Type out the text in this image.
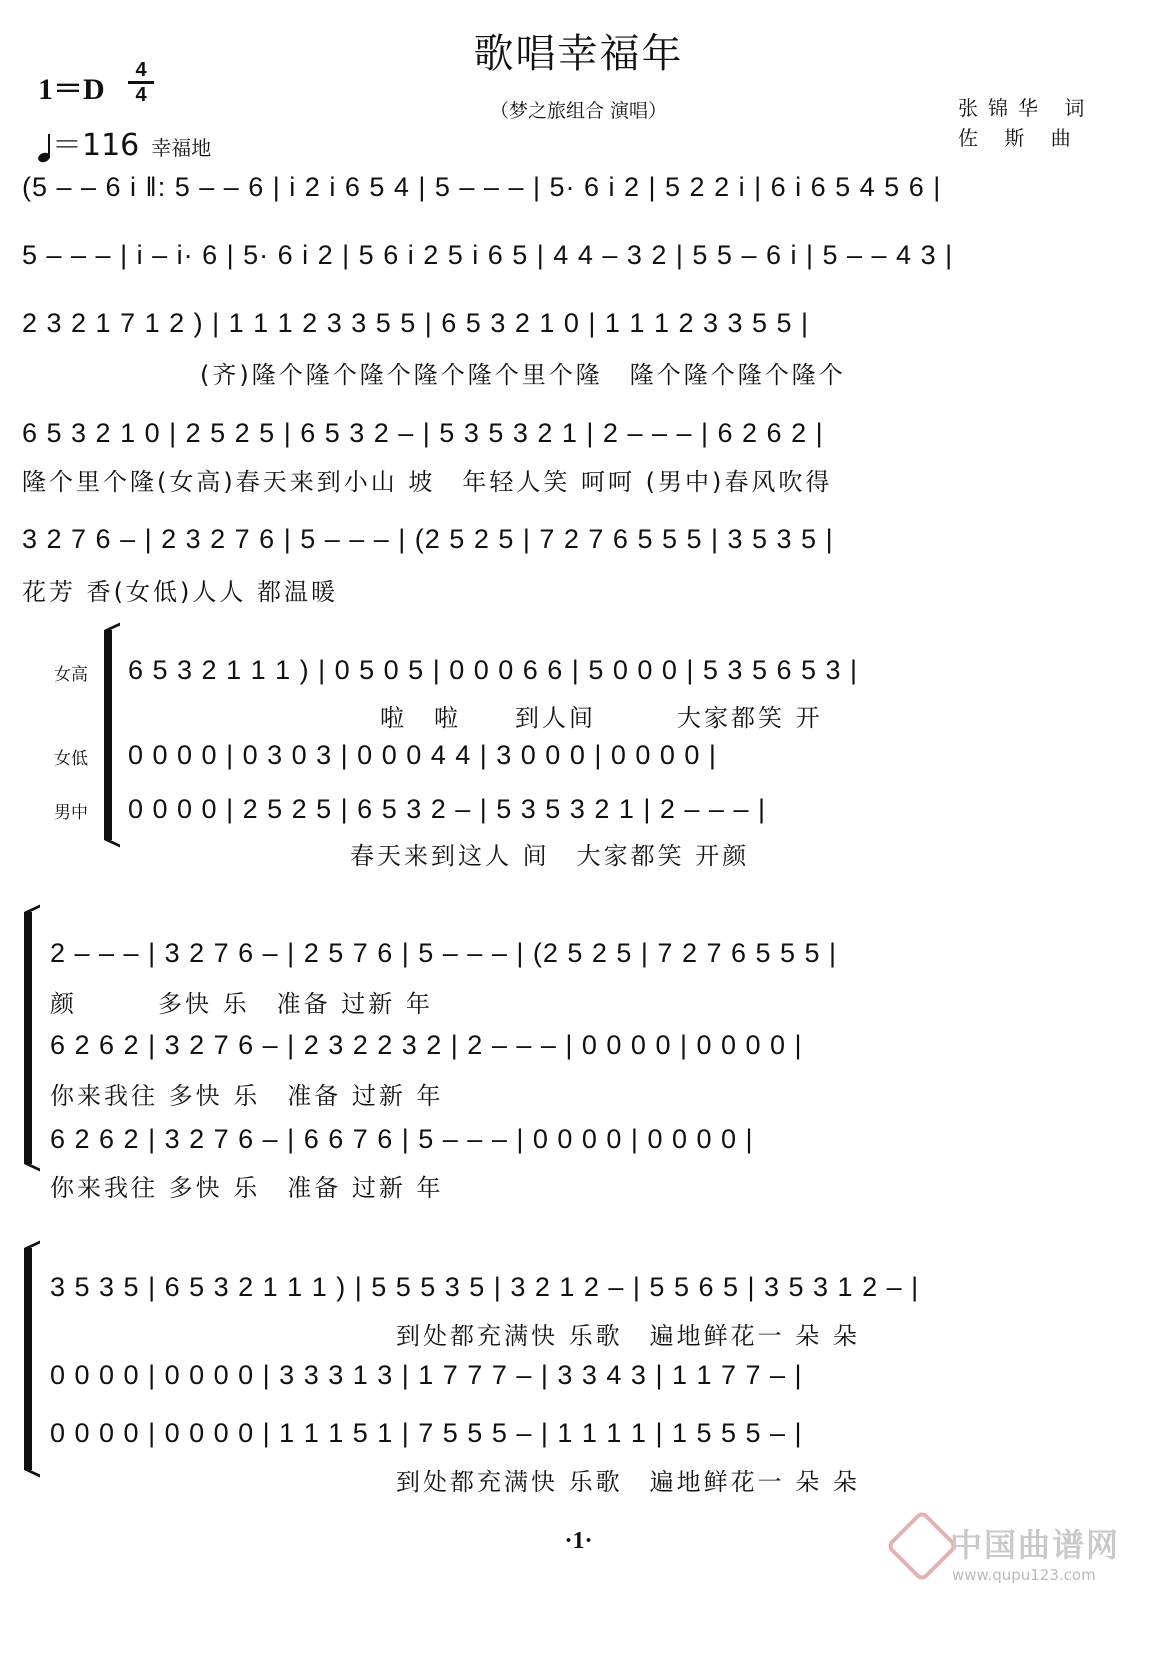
歌唱幸福年
（梦之旅组合 演唱）	张锦华 词
佐 斯 曲
1＝D
4
4
＝116 幸福地
(5 – – 6 i ‖: 5 – – 6 | i 2 i 6 5 4 | 5 – – – | 5· 6 i 2 | 5 2 2 i | 6 i 6 5 4 5 6 |
5 – – – | i – i· 6 | 5· 6 i 2 | 5 6 i 2 5 i 6 5 | 4 4 – 3 2 | 5 5 – 6 i | 5 – – 4 3 |
2 3 2 1 7 1 2 ) | 1 1 1 2 3 3 5 5 | 6 5 3 2 1 0 | 1 1 1 2 3 3 5 5 |
(齐)隆个隆个隆个隆个隆个里个隆　隆个隆个隆个隆个
6 5 3 2 1 0 | 2 5 2 5 | 6 5 3 2 – | 5 3 5 3 2 1 | 2 – – – | 6 2 6 2 |
隆个里个隆(女高)春天来到小山 坡　年轻人笑 呵呵 (男中)春风吹得
3 2 7 6 – | 2 3 2 7 6 | 5 – – – | (2 5 2 5 | 7 2 7 6 5 5 5 | 3 5 3 5 |
花芳 香(女低)人人 都温暖
女高
女低
男中
6 5 3 2 1 1 1 ) | 0 5 0 5 | 0 0 0 6 6 | 5 0 0 0 | 5 3 5 6 5 3 |
啦　啦　　到人间　　　大家都笑 开
0 0 0 0 | 0 3 0 3 | 0 0 0 4 4 | 3 0 0 0 | 0 0 0 0 |
0 0 0 0 | 2 5 2 5 | 6 5 3 2 – | 5 3 5 3 2 1 | 2 – – – |
春天来到这人 间　大家都笑 开颜
2 – – – | 3 2 7 6 – | 2 5 7 6 | 5 – – – | (2 5 2 5 | 7 2 7 6 5 5 5 |
颜　　　多快 乐　准备 过新 年
6 2 6 2 | 3 2 7 6 – | 2 3 2 2 3 2 | 2 – – – | 0 0 0 0 | 0 0 0 0 |
你来我往 多快 乐　准备 过新 年
6 2 6 2 | 3 2 7 6 – | 6 6 7 6 | 5 – – – | 0 0 0 0 | 0 0 0 0 |
你来我往 多快 乐　准备 过新 年
3 5 3 5 | 6 5 3 2 1 1 1 ) | 5 5 5 3 5 | 3 2 1 2 – | 5 5 6 5 | 3 5 3 1 2 – |
到处都充满快 乐歌　遍地鲜花一 朵 朵
0 0 0 0 | 0 0 0 0 | 3 3 3 1 3 | 1 7 7 7 – | 3 3 4 3 | 1 1 7 7 – |
0 0 0 0 | 0 0 0 0 | 1 1 1 5 1 | 7 5 5 5 – | 1 1 1 1 | 1 5 5 5 – |
到处都充满快 乐歌　遍地鲜花一 朵 朵
·1·	中国曲谱网
www.qupu123.com
